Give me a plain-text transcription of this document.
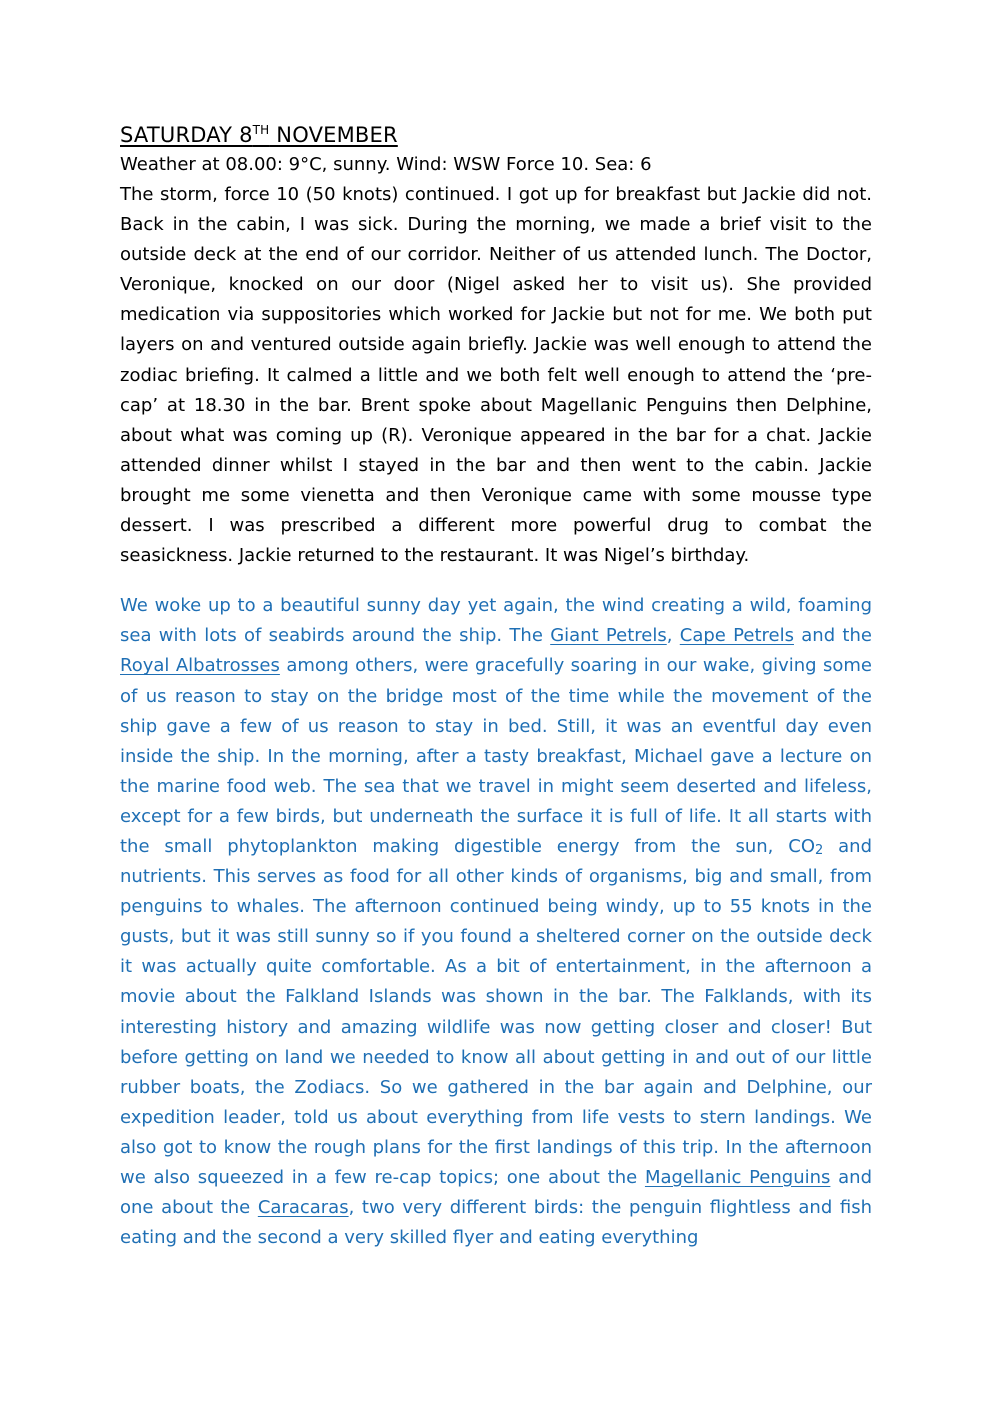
SATURDAY 8TH NOVEMBER

Weather at 08.00: 9°C, sunny. Wind: WSW Force 10. Sea: 6

The storm, force 10 (50 knots) continued. I got up for breakfast but Jackie did not. Back in the cabin, I was sick. During the morning, we made a brief visit to the outside deck at the end of our corridor. Neither of us attended lunch. The Doctor, Veronique, knocked on our door (Nigel asked her to visit us). She provided medication via suppositories which worked for Jackie but not for me. We both put layers on and ventured outside again briefly. Jackie was well enough to attend the zodiac briefing. It calmed a little and we both felt well enough to attend the ‘pre-cap’ at 18.30 in the bar. Brent spoke about Magellanic Penguins then Delphine, about what was coming up (R). Veronique appeared in the bar for a chat. Jackie attended dinner whilst I stayed in the bar and then went to the cabin. Jackie brought me some vienetta and then Veronique came with some mousse type dessert. I was prescribed a different more powerful drug to combat the seasickness. Jackie returned to the restaurant. It was Nigel’s birthday.

We woke up to a beautiful sunny day yet again, the wind creating a wild, foaming sea with lots of seabirds around the ship. The Giant Petrels, Cape Petrels and the Royal Albatrosses among others, were gracefully soaring in our wake, giving some of us reason to stay on the bridge most of the time while the movement of the ship gave a few of us reason to stay in bed. Still, it was an eventful day even inside the ship. In the morning, after a tasty breakfast, Michael gave a lecture on the marine food web. The sea that we travel in might seem deserted and lifeless, except for a few birds, but underneath the surface it is full of life. It all starts with the small phytoplankton making digestible energy from the sun, $CO_2$ and nutrients. This serves as food for all other kinds of organisms, big and small, from penguins to whales. The afternoon continued being windy, up to 55 knots in the gusts, but it was still sunny so if you found a sheltered corner on the outside deck it was actually quite comfortable. As a bit of entertainment, in the afternoon a movie about the Falkland Islands was shown in the bar. The Falklands, with its interesting history and amazing wildlife was now getting closer and closer! But before getting on land we needed to know all about getting in and out of our little rubber boats, the Zodiacs. So we gathered in the bar again and Delphine, our expedition leader, told us about everything from life vests to stern landings. We also got to know the rough plans for the first landings of this trip. In the afternoon we also squeezed in a few re-cap topics; one about the Magellanic Penguins and one about the Caracaras, two very different birds: the penguin flightless and fish eating and the second a very skilled flyer and eating everything
